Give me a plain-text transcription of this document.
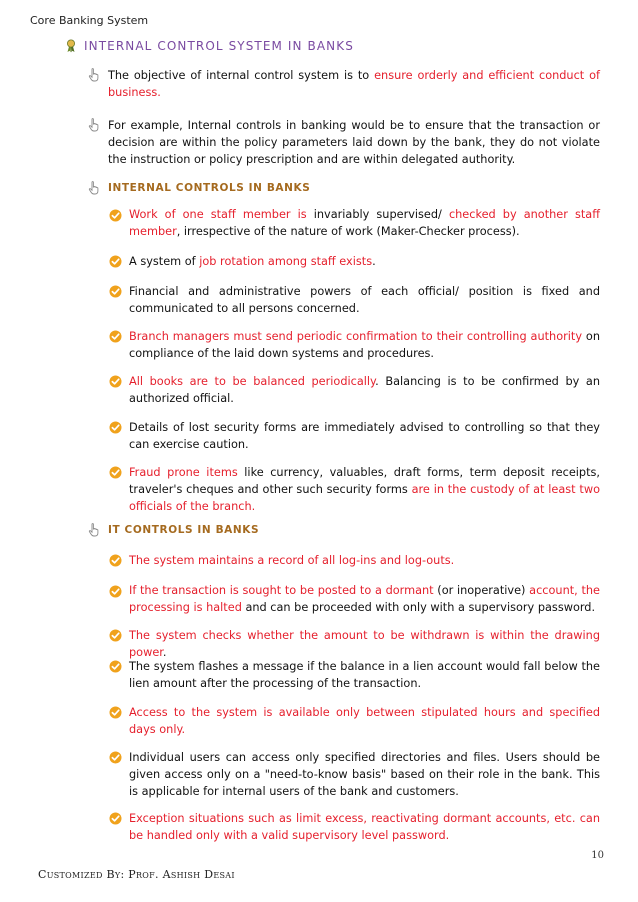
Core Banking System
INTERNAL CONTROL SYSTEM IN BANKS
The objective of internal control system is to ensure orderly and efficient conduct of business.
For example, Internal controls in banking would be to ensure that the transaction or decision are within the policy parameters laid down by the bank, they do not violate the instruction or policy prescription and are within delegated authority.
INTERNAL CONTROLS IN BANKS
Work of one staff member is invariably supervised/ checked by another staff member, irrespective of the nature of work (Maker-Checker process).
A system of job rotation among staff exists.
Financial and administrative powers of each official/ position is fixed and communicated to all persons concerned.
Branch managers must send periodic confirmation to their controlling authority on compliance of the laid down systems and procedures.
All books are to be balanced periodically. Balancing is to be confirmed by an authorized official.
Details of lost security forms are immediately advised to controlling so that they can exercise caution.
Fraud prone items like currency, valuables, draft forms, term deposit receipts, traveler's cheques and other such security forms are in the custody of at least two officials of the branch.
IT CONTROLS IN BANKS
The system maintains a record of all log-ins and log-outs.
If the transaction is sought to be posted to a dormant (or inoperative) account, the processing is halted and can be proceeded with only with a supervisory password.
The system checks whether the amount to be withdrawn is within the drawing power.
The system flashes a message if the balance in a lien account would fall below the lien amount after the processing of the transaction.
Access to the system is available only between stipulated hours and specified days only.
Individual users can access only specified directories and files. Users should be given access only on a "need-to-know basis" based on their role in the bank. This is applicable for internal users of the bank and customers.
Exception situations such as limit excess, reactivating dormant accounts, etc. can be handled only with a valid supervisory level password.
10
Customized By: Prof. Ashish Desai
